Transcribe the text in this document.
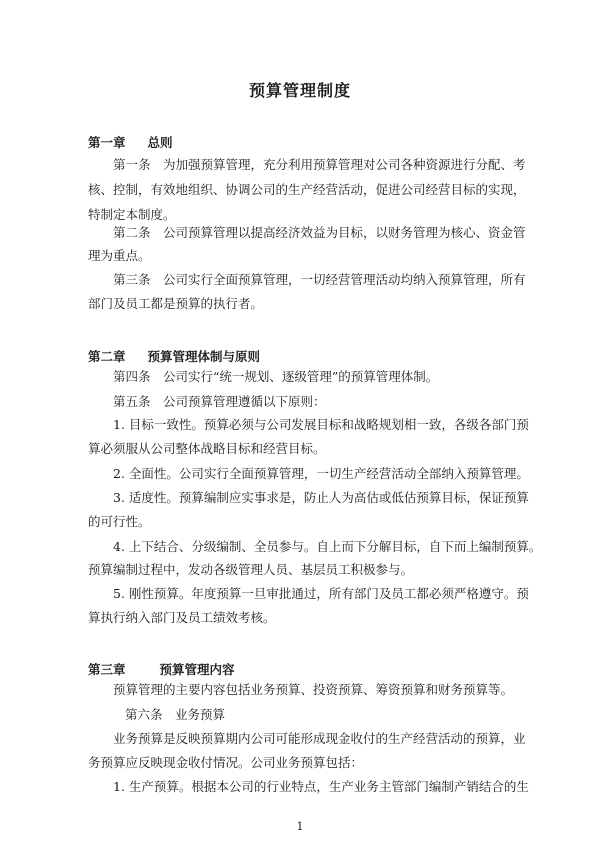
预算管理制度
第一章 总则
第一条　为加强预算管理，充分利用预算管理对公司各种资源进行分配、考
核、控制，有效地组织、协调公司的生产经营活动，促进公司经营目标的实现，
特制定本制度。
第二条　公司预算管理以提高经济效益为目标，以财务管理为核心、资金管
理为重点。
第三条　公司实行全面预算管理，一切经营管理活动均纳入预算管理，所有
部门及员工都是预算的执行者。
第二章 预算管理体制与原则
第四条　公司实行“统一规划、逐级管理”的预算管理体制。
第五条　公司预算管理遵循以下原则：
1. 目标一致性。预算必须与公司发展目标和战略规划相一致，各级各部门预
算必须服从公司整体战略目标和经营目标。
2. 全面性。公司实行全面预算管理，一切生产经营活动全部纳入预算管理。
3. 适度性。预算编制应实事求是，防止人为高估或低估预算目标，保证预算
的可行性。
4. 上下结合、分级编制、全员参与。自上而下分解目标，自下而上编制预算。
预算编制过程中，发动各级管理人员、基层员工积极参与。
5. 刚性预算。年度预算一旦审批通过，所有部门及员工都必须严格遵守。预
算执行纳入部门及员工绩效考核。
第三章	预算管理内容
预算管理的主要内容包括业务预算、投资预算、筹资预算和财务预算等。
第六条　业务预算
业务预算是反映预算期内公司可能形成现金收付的生产经营活动的预算，业
务预算应反映现金收付情况。公司业务预算包括：
1. 生产预算。根据本公司的行业特点，生产业务主管部门编制产销结合的生
1
